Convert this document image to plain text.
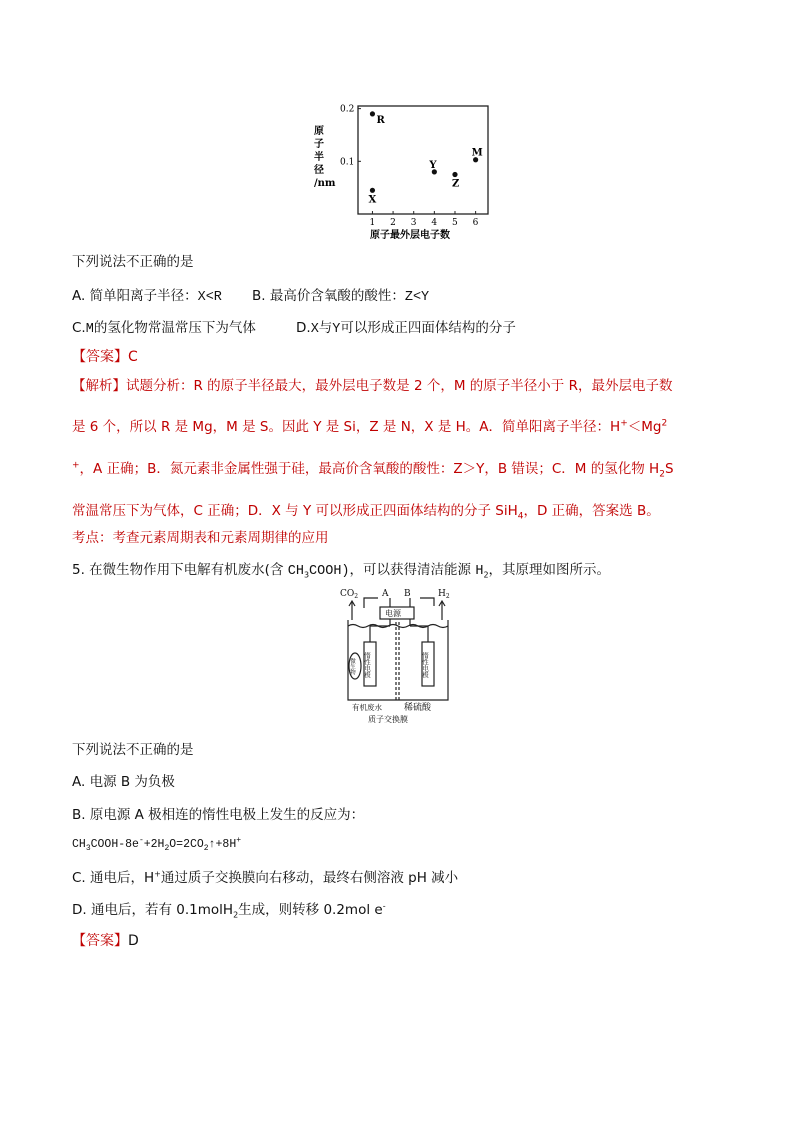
1 2 3 4 5 6
0.2
0.1
原
子
半
径
/nm
原子最外层电子数
R
X
Y
Z
M
下列说法不正确的是
A. 简单阳离子半径：X<R B. 最高价含氧酸的酸性：Z<Y
C.M的氢化物常温常压下为气体	D.X与Y可以形成正四面体结构的分子
【答案】C
【解析】试题分析：R 的原子半径最大，最外层电子数是 2 个，M 的原子半径小于 R，最外层电子数
是 6 个，所以 R 是 Mg，M 是 S。因此 Y 是 Si，Z 是 N，X 是 H。A．简单阳离子半径：$H^+<Mg^2$
+，A 正确；B．氮元素非金属性强于硅，最高价含氧酸的酸性：Z＞Y，B 错误；C．M 的氢化物 $H_2S$
常温常压下为气体，C 正确；D．X 与 Y 可以形成正四面体结构的分子 SiH$_4$，D 正确，答案选 B。
考点：考查元素周期表和元素周期律的应用
5. 在微生物作用下电解有机废水(含 $CH_3COOH$)，可以获得清洁能源 $H_2$，其原理如图所示。
$CO_2$	$H_2$
A B
电源
有机废水 稀硫酸
质子交换膜
惰性电极	惰性电极
微生物
下列说法不正确的是
A. 电源 B 为负极
B. 原电源 A 极相连的惰性电极上发生的反应为：
$CH_3COOH-8e^-+2H_2O=2CO_2↑+8H^+$
C. 通电后，H+通过质子交换膜向右移动，最终右侧溶液 pH 减小
D. 通电后，若有 0.1molH$_2$生成，则转移 0.2mol e-
【答案】D
